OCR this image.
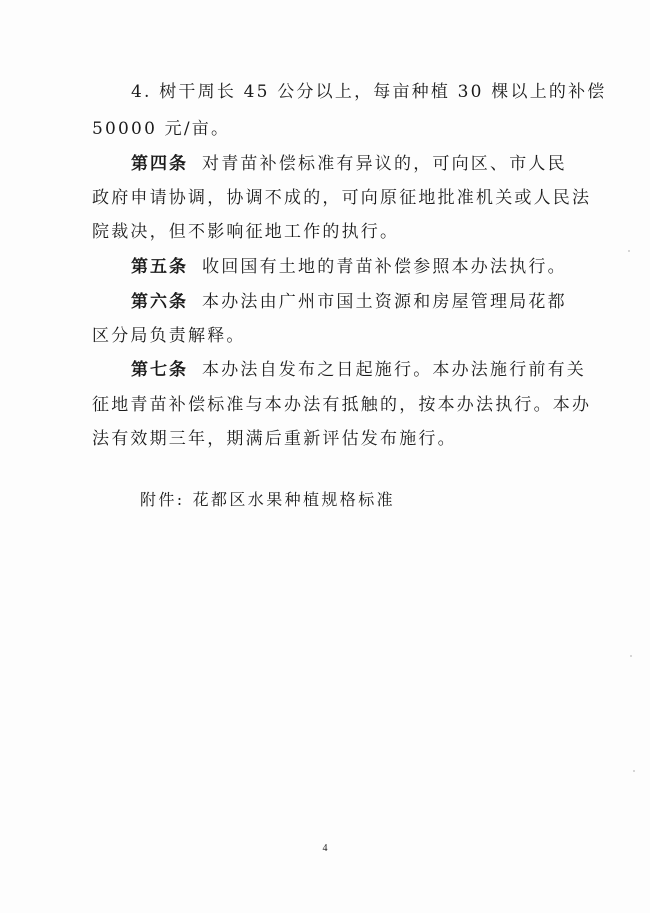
4. 树干周长 45 公分以上，每亩种植 30 棵以上的补偿
50000 元/亩。
第四条 对青苗补偿标准有异议的，可向区、市人民
政府申请协调，协调不成的，可向原征地批准机关或人民法
院裁决，但不影响征地工作的执行。
第五条 收回国有土地的青苗补偿参照本办法执行。
第六条 本办法由广州市国土资源和房屋管理局花都
区分局负责解释。
第七条 本办法自发布之日起施行。本办法施行前有关
征地青苗补偿标准与本办法有抵触的，按本办法执行。本办
法有效期三年，期满后重新评估发布施行。
附件: 花都区水果种植规格标准
4
